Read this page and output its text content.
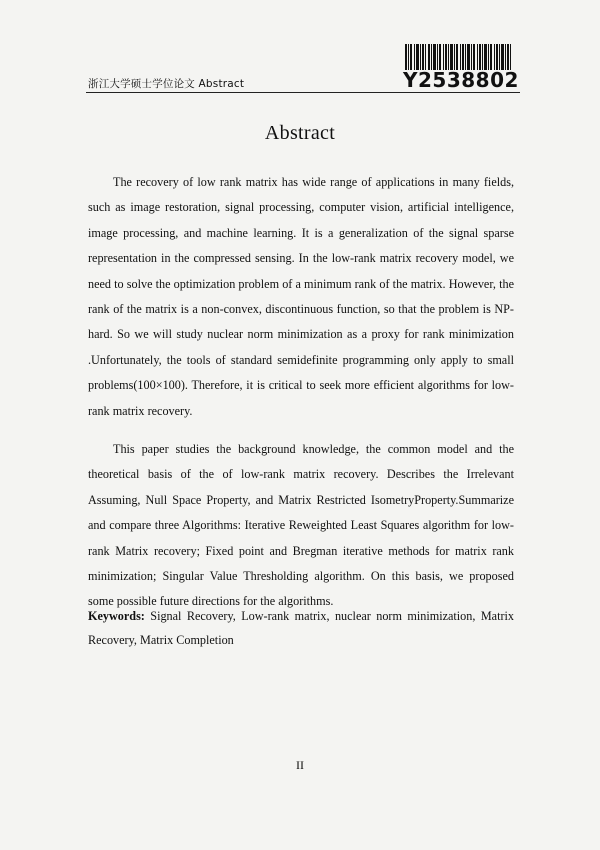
浙江大学硕士学位论文 Abstract	Y2538802
Abstract

The recovery of low rank matrix has wide range of applications in many fields, such as image restoration, signal processing, computer vision, artificial intelligence, image processing, and machine learning. It is a generalization of the signal sparse representation in the compressed sensing. In the low-rank matrix recovery model, we need to solve the optimization problem of a minimum rank of the matrix. However, the rank of the matrix is a non-convex, discontinuous function, so that the problem is NP-hard. So we will study nuclear norm minimization as a proxy for rank minimization .Unfortunately, the tools of standard semidefinite programming only apply to small problems(100×100). Therefore, it is critical to seek more efficient algorithms for low-rank matrix recovery.

This paper studies the background knowledge, the common model and the theoretical basis of the of low-rank matrix recovery. Describes the Irrelevant Assuming, Null Space Property, and Matrix Restricted IsometryProperty.Summarize and compare three Algorithms: Iterative Reweighted Least Squares algorithm for low-rank Matrix recovery; Fixed point and Bregman iterative methods for matrix rank minimization; Singular Value Thresholding algorithm. On this basis, we proposed some possible future directions for the algorithms.

Keywords: Signal Recovery, Low-rank matrix, nuclear norm minimization, Matrix Recovery, Matrix Completion

II
